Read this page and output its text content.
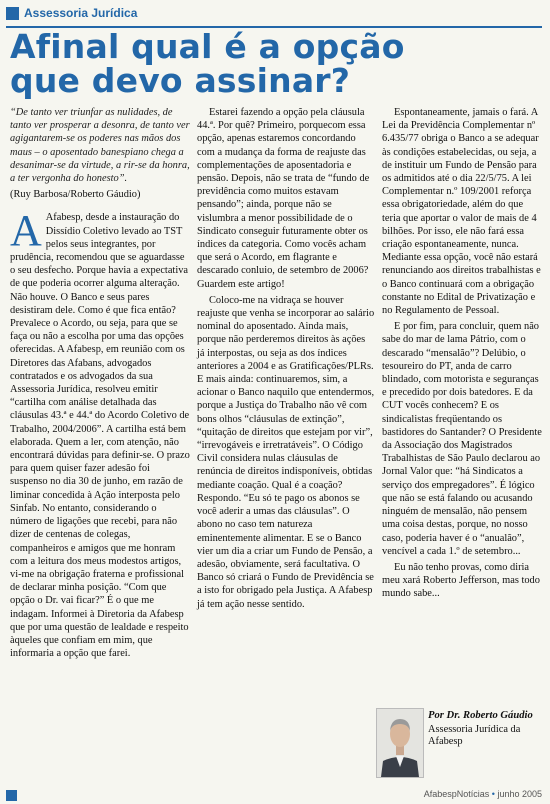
Assessoria Jurídica
Afinal qual é a opção
que devo assinar?

“De tanto ver triunfar as nulidades, de tanto ver prosperar a desonra, de tanto ver agigantarem-se os poderes nas mãos dos maus – o aposentado banespiano chega a desanimar-se da virtude, a rir-se da honra, a ter vergonha do honesto”.

(Ruy Barbosa/Roberto Gáudio)

A Afabesp, desde a instauração do Dissídio Coletivo levado ao TST pelos seus integrantes, por prudência, recomendou que se aguardasse o seu desfecho. Porque havia a expectativa de que poderia ocorrer alguma alteração. Não houve. O Banco e seus pares desistiram dele. Como é que fica então? Prevalece o Acordo, ou seja, para que se faça ou não a escolha por uma das opções oferecidas. A Afabesp, em reunião com os Diretores das Afabans, advogados contratados e os advogados da sua Assessoria Jurídica, resolveu emitir “cartilha com análise detalhada das cláusulas 43.ª e 44.ª do Acordo Coletivo de Trabalho, 2004/2006”. A cartilha está bem elaborada. Quem a ler, com atenção, não encontrará dúvidas para definir-se. O prazo para quem quiser fazer adesão foi suspenso no dia 30 de junho, em razão de liminar concedida à Ação interposta pelo Sinfab. No entanto, considerando o número de ligações que recebi, para não dizer de centenas de colegas, companheiros e amigos que me honram com a leitura dos meus modestos artigos, vi-me na obrigação fraterna e profissional de declarar minha posição. “Com que opção o Dr. vai ficar?” É o que me indagam. Informei à Diretoria da Afabesp que por uma questão de lealdade e respeito àqueles que confiam em mim, que informaria a opção que farei.

Estarei fazendo a opção pela cláusula 44.ª. Por quê? Primeiro, porquecom essa opção, apenas estaremos concordando com a mudança da forma de reajuste das complementações de aposentadoria e pensão. Depois, não se trata de “fundo de previdência como muitos estavam pensando”; ainda, porque não se vislumbra a menor possibilidade de o Sindicato conseguir futuramente obter os índices da categoria. Como vocês acham que será o Acordo, em flagrante e descarado conluio, de setembro de 2006? Guardem este artigo!

Coloco-me na vidraça se houver reajuste que venha se incorporar ao salário nominal do aposentado. Ainda mais, porque não perderemos direitos às ações já interpostas, ou seja as dos índices anteriores a 2004 e as Gratificações/PLRs. E mais ainda: continuaremos, sim, a acionar o Banco naquilo que entendermos, porque a Justiça do Trabalho não vê com bons olhos “cláusulas de extinção”, “quitação de direitos que estejam por vir”, “irrevogáveis e irretratáveis”. O Código Civil considera nulas cláusulas de renúncia de direitos indisponíveis, obtidas mediante coação. Qual é a coação? Respondo. “Eu só te pago os abonos se você aderir a umas das cláusulas”. O abono no caso tem natureza eminentemente alimentar. E se o Banco vier um dia a criar um Fundo de Pensão, a adesão, obviamente, será facultativa. O Banco só criará o Fundo de Previdência se a isto for obrigado pela Justiça. A Afabesp já tem ação nesse sentido.

Espontaneamente, jamais o fará. A Lei da Previdência Complementar nº 6.435/77 obriga o Banco a se adequar às condições estabelecidas, ou seja, a de instituir um Fundo de Pensão para os admitidos até o dia 22/5/75. A lei Complementar n.º 109/2001 reforça essa obrigatoriedade, além do que teria que aportar o valor de mais de 4 bilhões. Por isso, ele não fará essa criação espontaneamente, nunca. Mediante essa opção, você não estará renunciando aos direitos trabalhistas e o Banco continuará com a obrigação constante no Edital de Privatização e no Regulamento de Pessoal.

E por fim, para concluir, quem não sabe do mar de lama Pátrio, com o descarado “mensalão”? Delúbio, o tesoureiro do PT, anda de carro blindado, com motorista e seguranças e precedido por dois batedores. E da CUT vocês conhecem? E os sindicalistas freqüentando os bastidores do Santander? O Presidente da Associação dos Magistrados Trabalhistas de São Paulo declarou ao Jornal Valor que: “há Sindicatos a serviço dos empregadores”. É lógico que não se está falando ou acusando ninguém de mensalão, não pensem uma coisa destas, porque, no nosso caso, poderia haver é o “anualão”, vencível a cada 1.º de setembro...

Eu não tenho provas, como diria meu xará Roberto Jefferson, mas todo mundo sabe...

Por Dr. Roberto Gáudio
Assessoria Jurídica da Afabesp
AfabespNotícias • junho 2005
